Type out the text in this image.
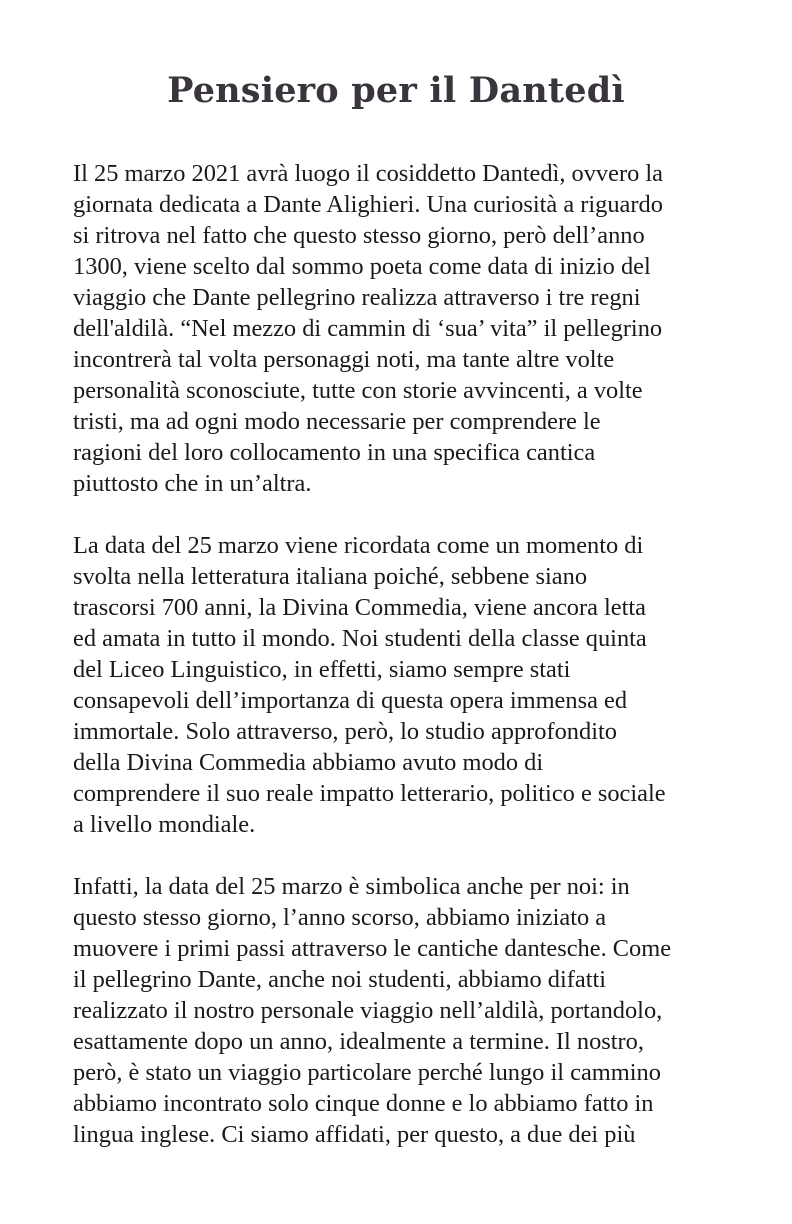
Pensiero per il Dantedì

Il 25 marzo 2021 avrà luogo il cosiddetto Dantedì, ovvero la
giornata dedicata a Dante Alighieri. Una curiosità a riguardo
si ritrova nel fatto che questo stesso giorno, però dell’anno
1300, viene scelto dal sommo poeta come data di inizio del
viaggio che Dante pellegrino realizza attraverso i tre regni
dell'aldilà. “Nel mezzo di cammin di ‘sua’ vita” il pellegrino
incontrerà tal volta personaggi noti, ma tante altre volte
personalità sconosciute, tutte con storie avvincenti, a volte
tristi, ma ad ogni modo necessarie per comprendere le
ragioni del loro collocamento in una specifica cantica
piuttosto che in un’altra.

La data del 25 marzo viene ricordata come un momento di
svolta nella letteratura italiana poiché, sebbene siano
trascorsi 700 anni, la Divina Commedia, viene ancora letta
ed amata in tutto il mondo. Noi studenti della classe quinta
del Liceo Linguistico, in effetti, siamo sempre stati
consapevoli dell’importanza di questa opera immensa ed
immortale. Solo attraverso, però, lo studio approfondito
della Divina Commedia abbiamo avuto modo di
comprendere il suo reale impatto letterario, politico e sociale
a livello mondiale.

Infatti, la data del 25 marzo è simbolica anche per noi: in
questo stesso giorno, l’anno scorso, abbiamo iniziato a
muovere i primi passi attraverso le cantiche dantesche. Come
il pellegrino Dante, anche noi studenti, abbiamo difatti
realizzato il nostro personale viaggio nell’aldilà, portandolo,
esattamente dopo un anno, idealmente a termine. Il nostro,
però, è stato un viaggio particolare perché lungo il cammino
abbiamo incontrato solo cinque donne e lo abbiamo fatto in
lingua inglese. Ci siamo affidati, per questo, a due dei più
